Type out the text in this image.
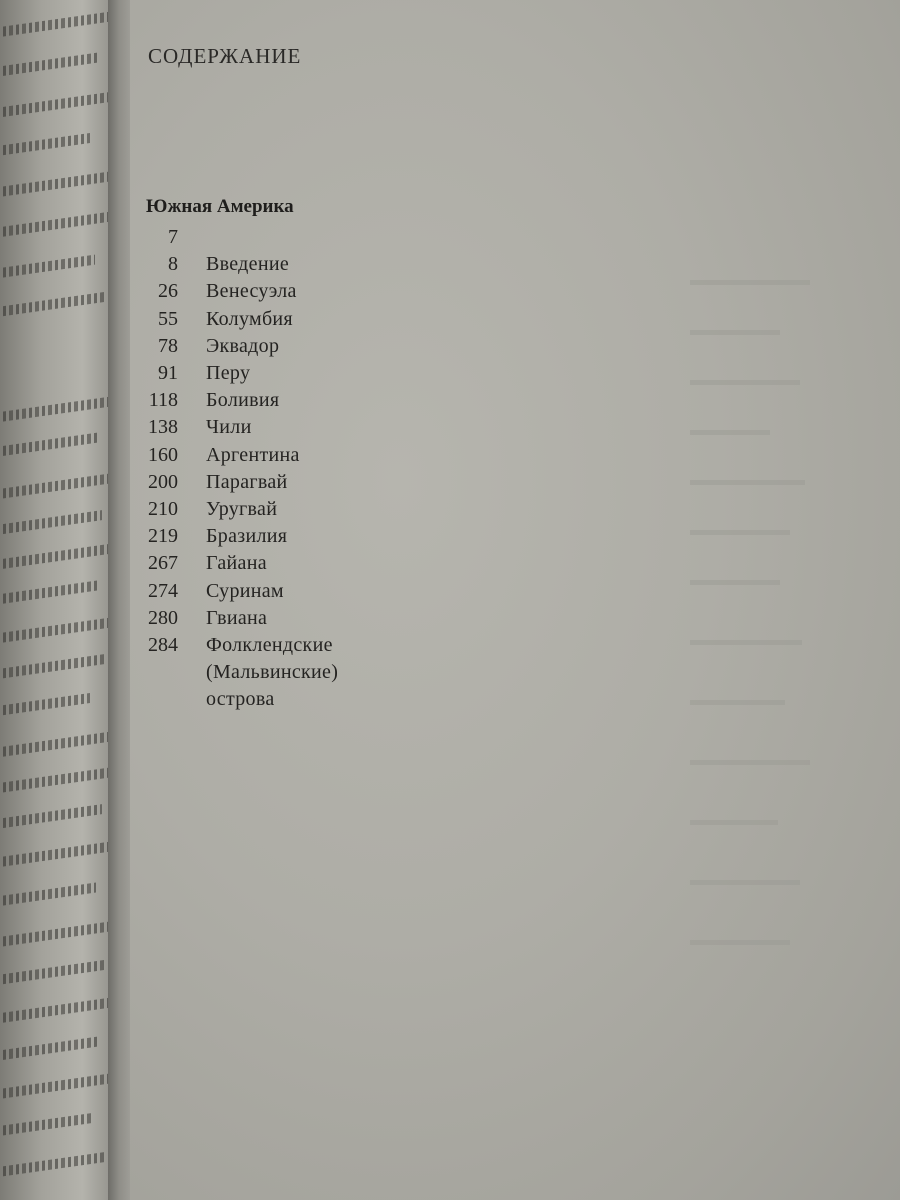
СОДЕРЖАНИЕ
Южная Америка
7
8 Введение
26 Венесуэла
55 Колумбия
78 Эквадор
91 Перу
118 Боливия
138 Чили
160 Аргентина
200 Парагвай
210 Уругвай
219 Бразилия
267 Гайана
274 Суринам
280 Гвиана
284 Фолклендские (Мальвинские) острова
